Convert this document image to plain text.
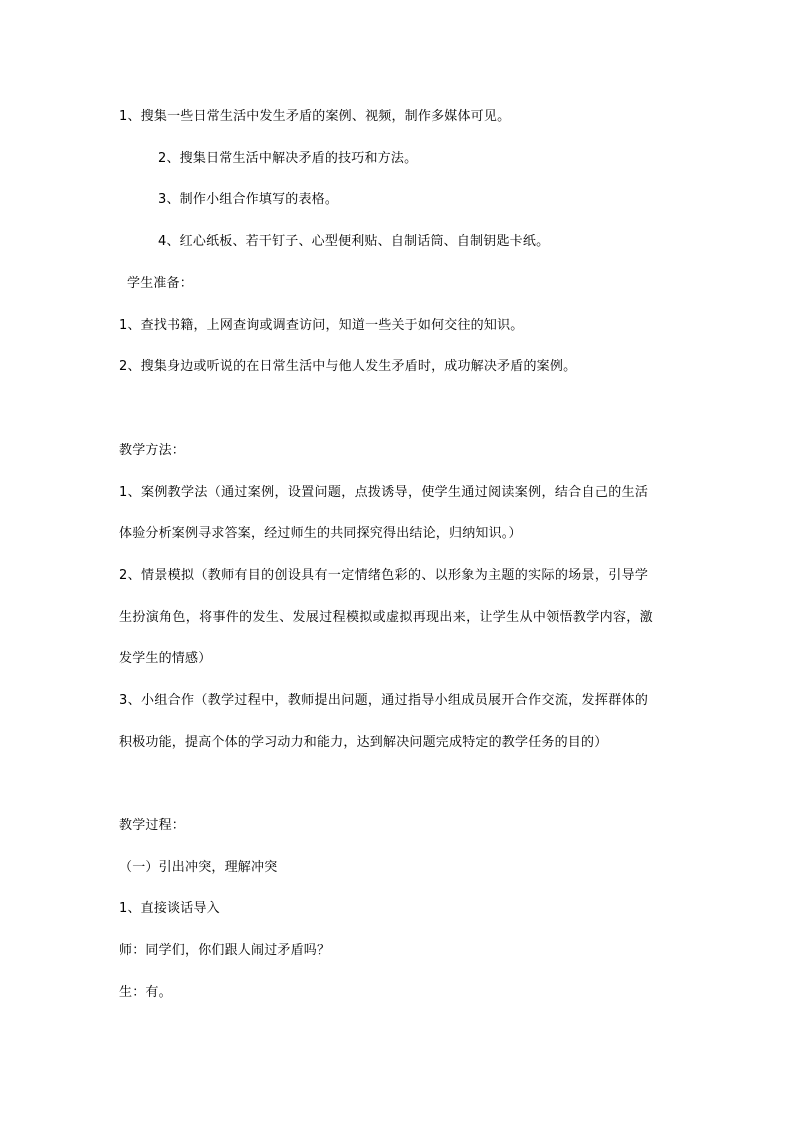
1、搜集一些日常生活中发生矛盾的案例、视频，制作多媒体可见。
2、搜集日常生活中解决矛盾的技巧和方法。
3、制作小组合作填写的表格。
4、红心纸板、若干钉子、心型便利贴、自制话筒、自制钥匙卡纸。
学生准备：
1、查找书籍，上网查询或调查访问，知道一些关于如何交往的知识。
2、搜集身边或听说的在日常生活中与他人发生矛盾时，成功解决矛盾的案例。
教学方法：
1、案例教学法（通过案例，设置问题，点拨诱导，使学生通过阅读案例，结合自己的生活
体验分析案例寻求答案，经过师生的共同探究得出结论，归纳知识。）
2、情景模拟（教师有目的创设具有一定情绪色彩的、以形象为主题的实际的场景，引导学
生扮演角色，将事件的发生、发展过程模拟或虚拟再现出来，让学生从中领悟教学内容，激
发学生的情感）
3、小组合作（教学过程中，教师提出问题，通过指导小组成员展开合作交流，发挥群体的
积极功能，提高个体的学习动力和能力，达到解决问题完成特定的教学任务的目的）
教学过程：
（一）引出冲突，理解冲突
1、直接谈话导入
师：同学们，你们跟人闹过矛盾吗？
生：有。
